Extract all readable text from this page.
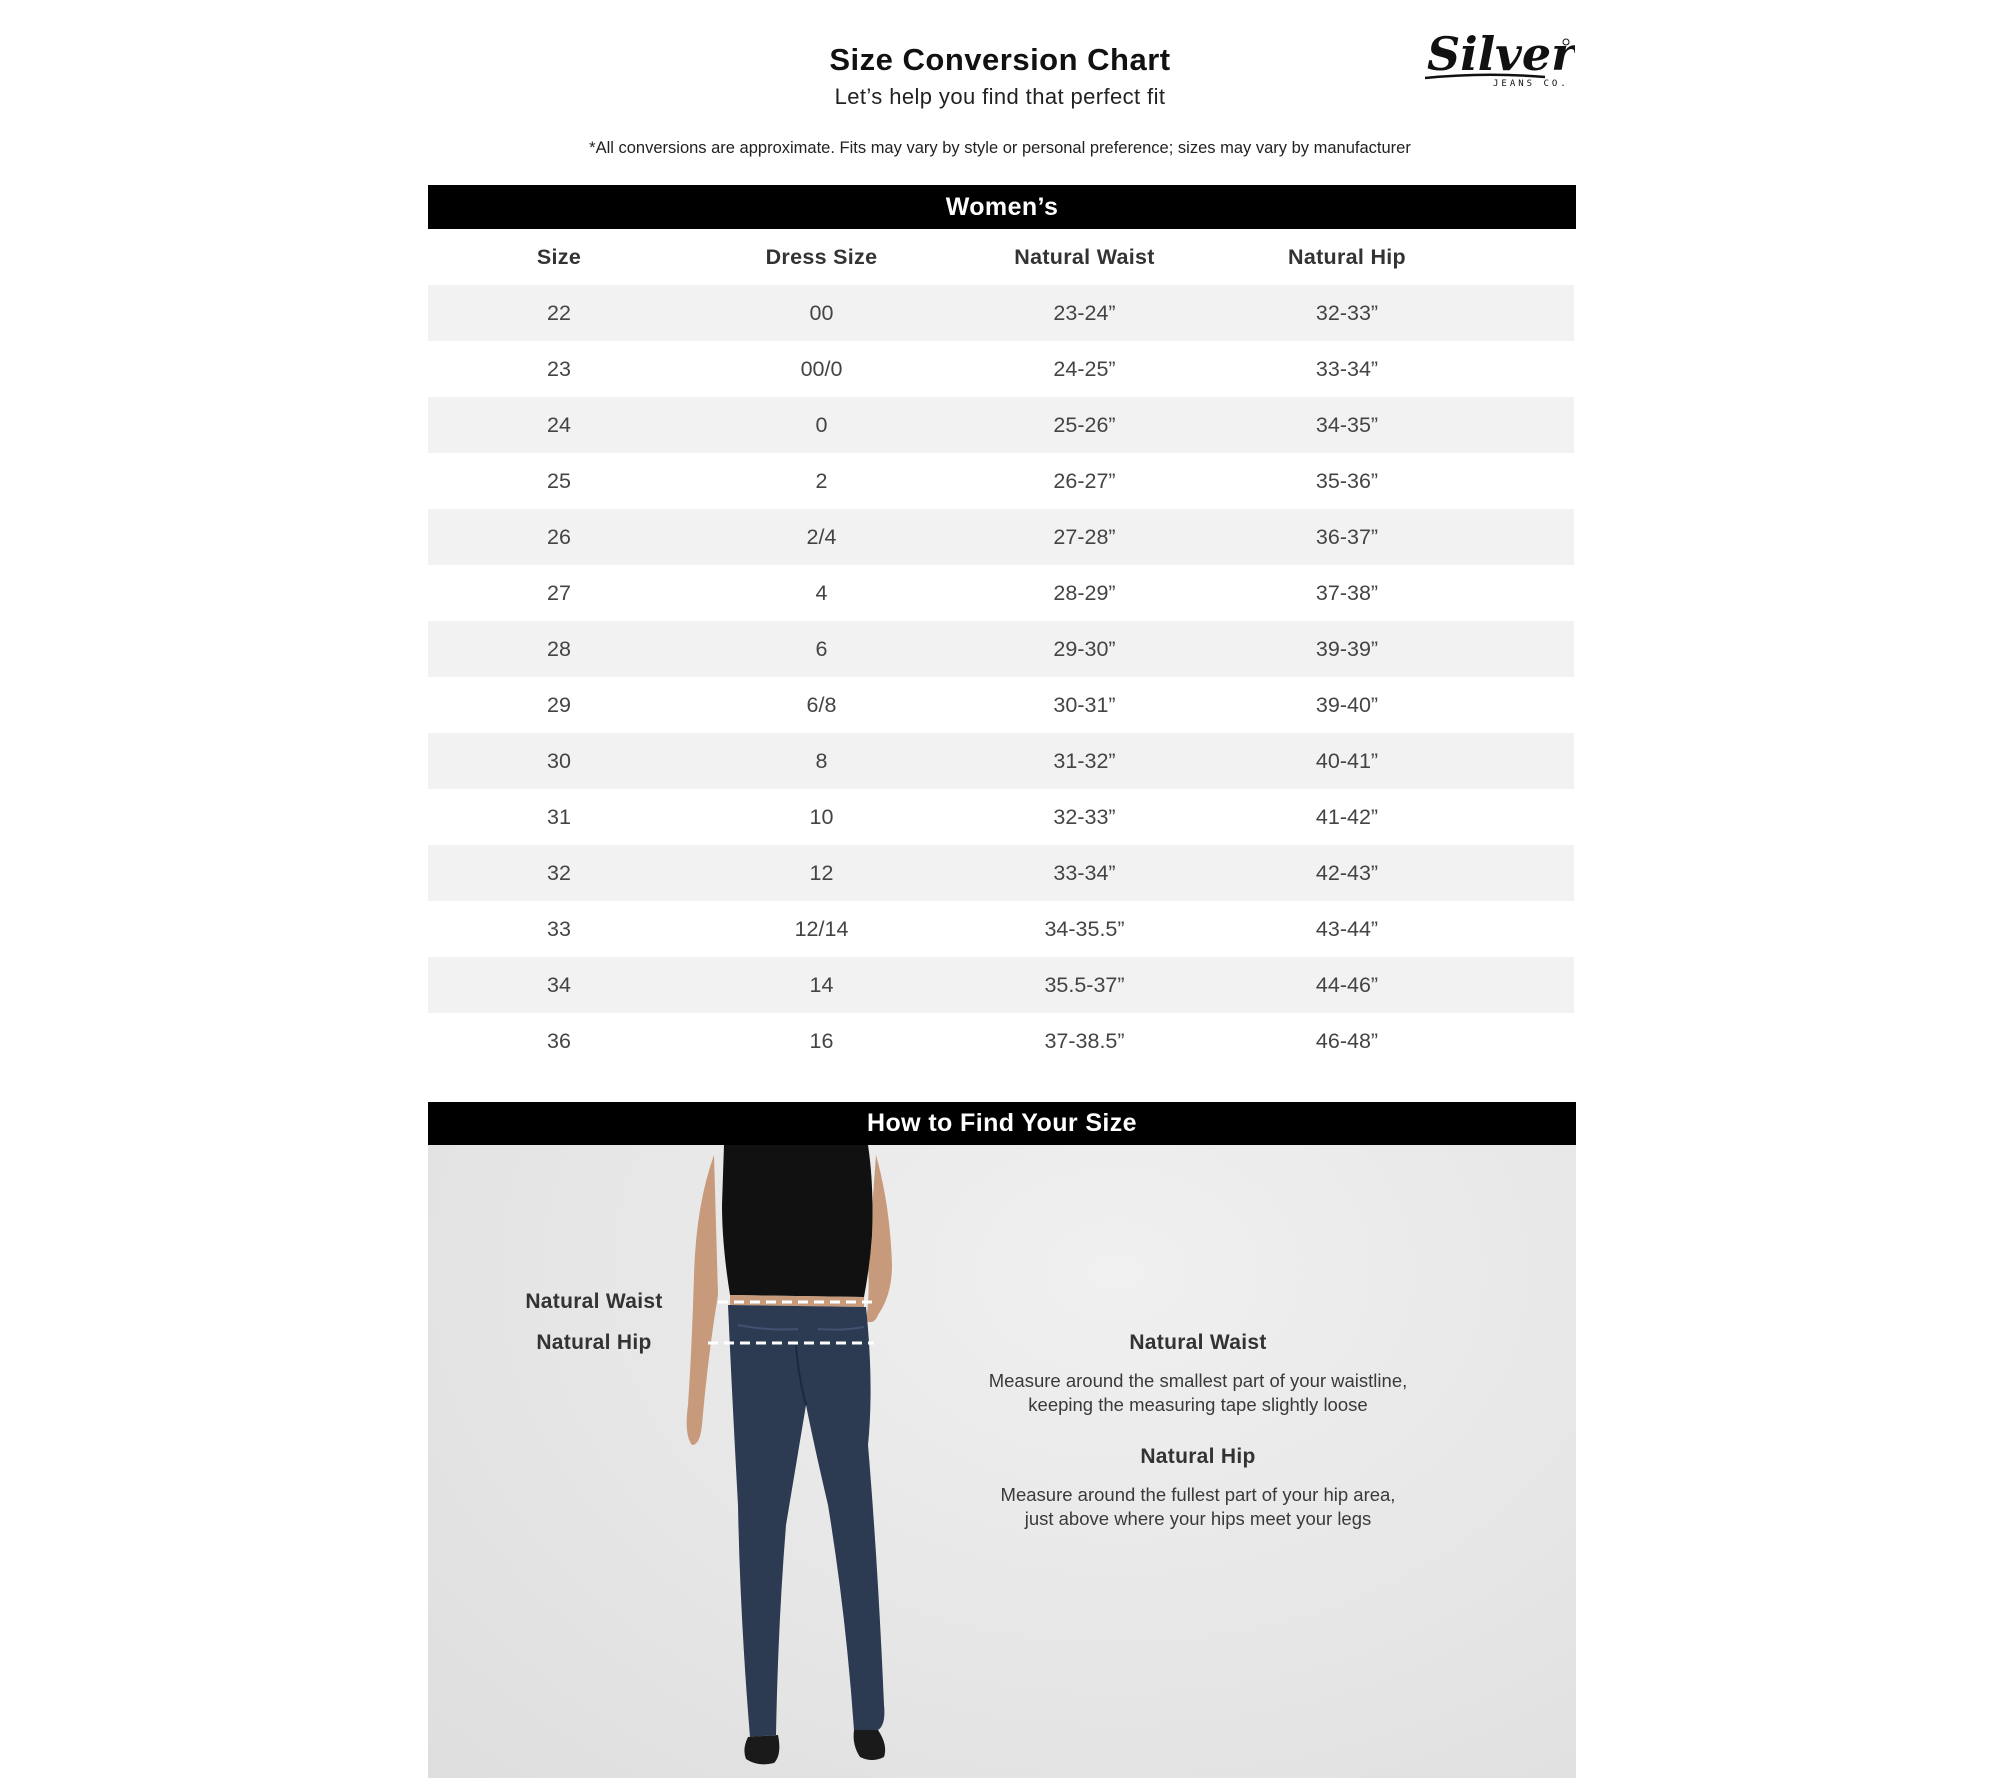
Silver
JEANS CO.
Size Conversion Chart
Let’s help you find that perfect fit
*All conversions are approximate. Fits may vary by style or personal preference; sizes may vary by manufacturer
Women’s
Size	Dress Size	Natural Waist	Natural Hip	
22	00	23-24”	32-33”	
23	00/0	24-25”	33-34”	
24	0	25-26”	34-35”	
25	2	26-27”	35-36”	
26	2/4	27-28”	36-37”	
27	4	28-29”	37-38”	
28	6	29-30”	39-39”	
29	6/8	30-31”	39-40”	
30	8	31-32”	40-41”	
31	10	32-33”	41-42”	
32	12	33-34”	42-43”	
33	12/14	34-35.5”	43-44”	
34	14	35.5-37”	44-46”	
36	16	37-38.5”	46-48”	
How to Find Your Size
Natural Waist
Natural Hip	Natural Waist
Measure around the smallest part of your waistline,
keeping the measuring tape slightly loose
Natural Hip
Measure around the fullest part of your hip area,
just above where your hips meet your legs
